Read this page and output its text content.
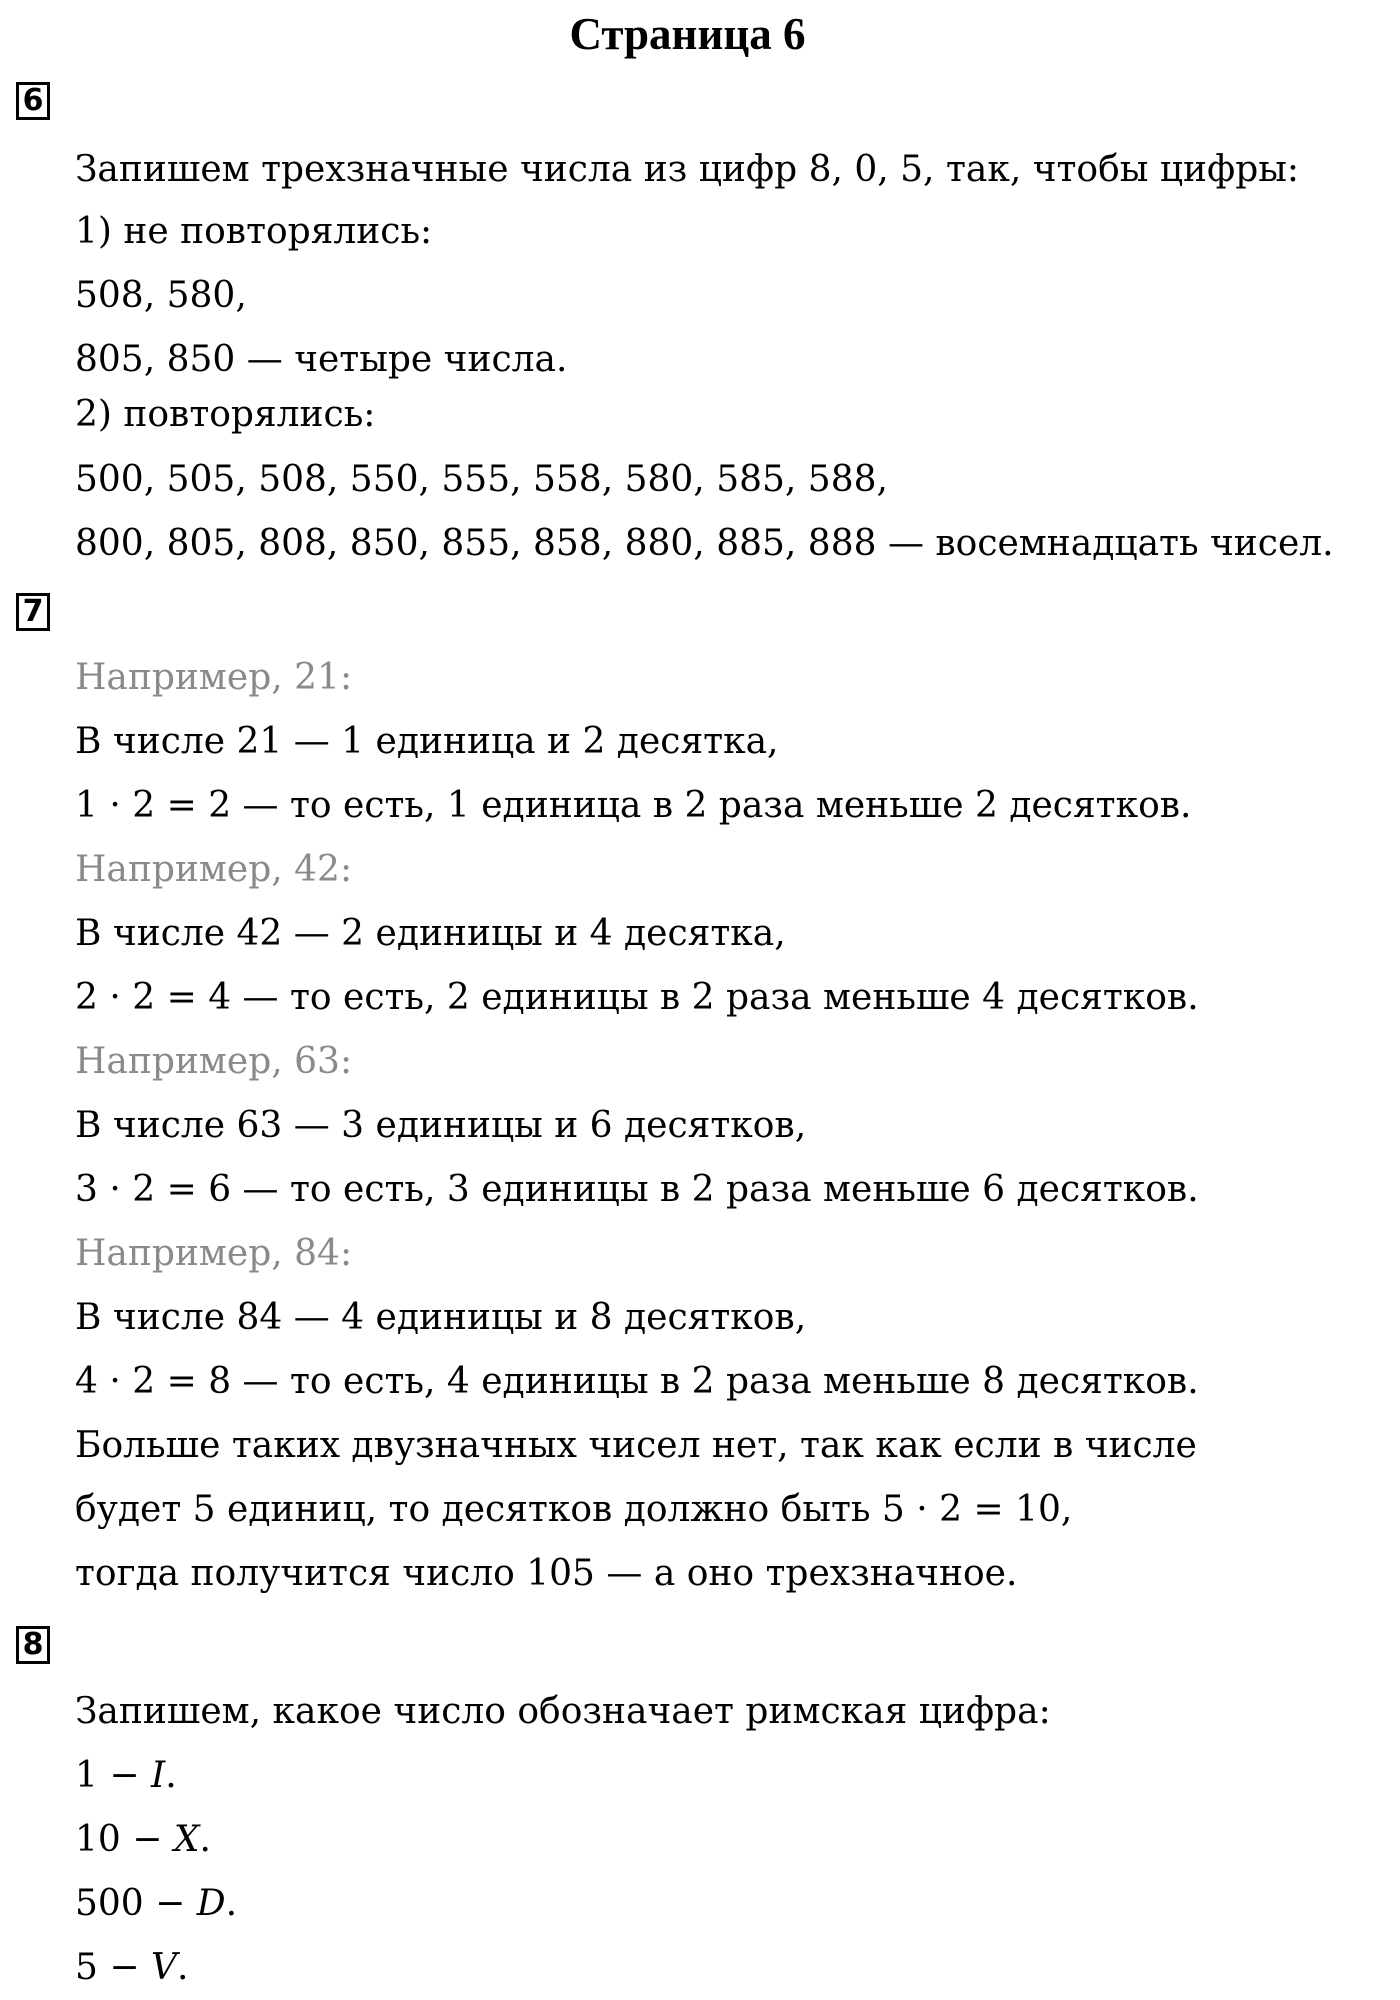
Страница 6
6
Запишем трехзначные числа из цифр 8, 0, 5, так, чтобы цифры:
1) не повторялись:
508, 580,
805, 850 — четыре числа.
2) повторялись:
500, 505, 508, 550, 555, 558, 580, 585, 588,
800, 805, 808, 850, 855, 858, 880, 885, 888 — восемнадцать чисел.
7
Например, 21:
В числе 21 — 1 единица и 2 десятка,
1 · 2 = 2 — то есть, 1 единица в 2 раза меньше 2 десятков.
Например, 42:
В числе 42 — 2 единицы и 4 десятка,
2 · 2 = 4 — то есть, 2 единицы в 2 раза меньше 4 десятков.
Например, 63:
В числе 63 — 3 единицы и 6 десятков,
3 · 2 = 6 — то есть, 3 единицы в 2 раза меньше 6 десятков.
Например, 84:
В числе 84 — 4 единицы и 8 десятков,
4 · 2 = 8 — то есть, 4 единицы в 2 раза меньше 8 десятков.
Больше таких двузначных чисел нет, так как если в числе
будет 5 единиц, то десятков должно быть 5 · 2 = 10,
тогда получится число 105 — а оно трехзначное.
8
Запишем, какое число обозначает римская цифра:
1 − I.
10 − X.
500 − D.
5 − V.
